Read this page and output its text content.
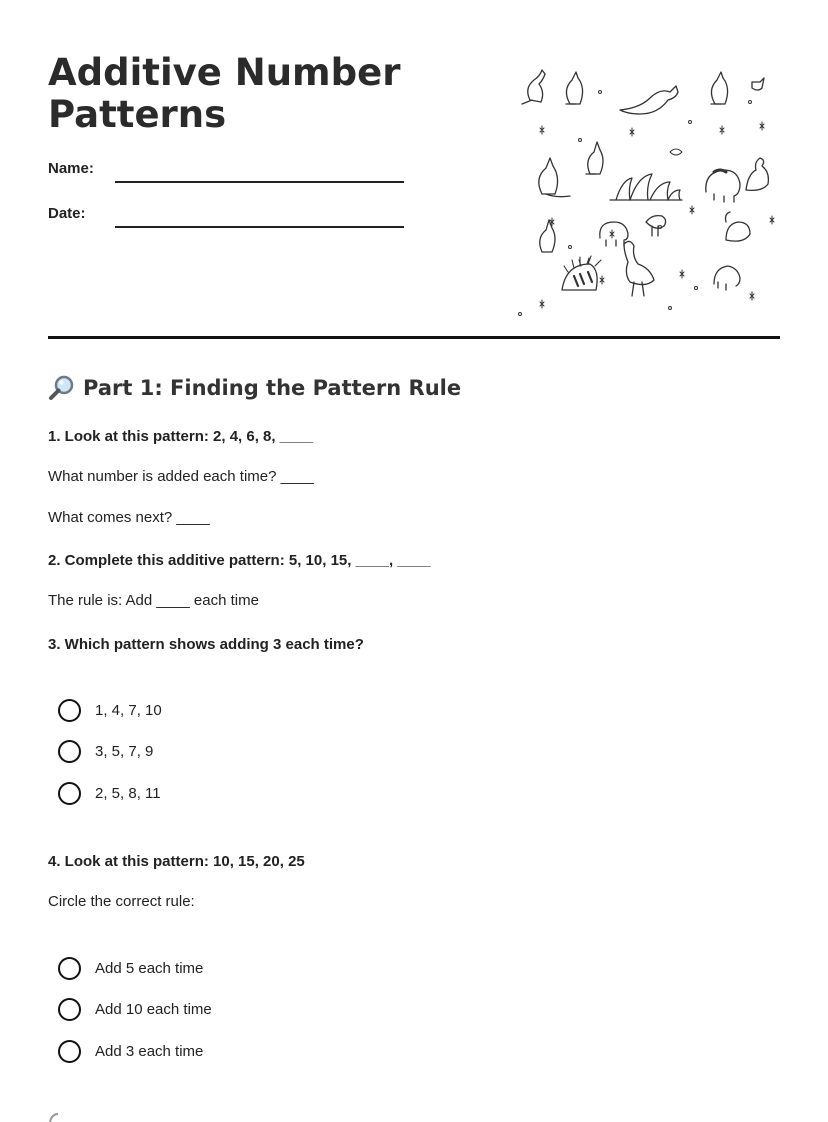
Additive Number Patterns
Name:
Date:
Part 1: Finding the Pattern Rule

1. Look at this pattern: 2, 4, 6, 8, ____

What number is added each time? ____

What comes next? ____

2. Complete this additive pattern: 5, 10, 15, ____, ____

The rule is: Add ____ each time

3. Which pattern shows adding 3 each time?

1, 4, 7, 10
3, 5, 7, 9
2, 5, 8, 11

4. Look at this pattern: 10, 15, 20, 25

Circle the correct rule:

Add 5 each time
Add 10 each time
Add 3 each time
